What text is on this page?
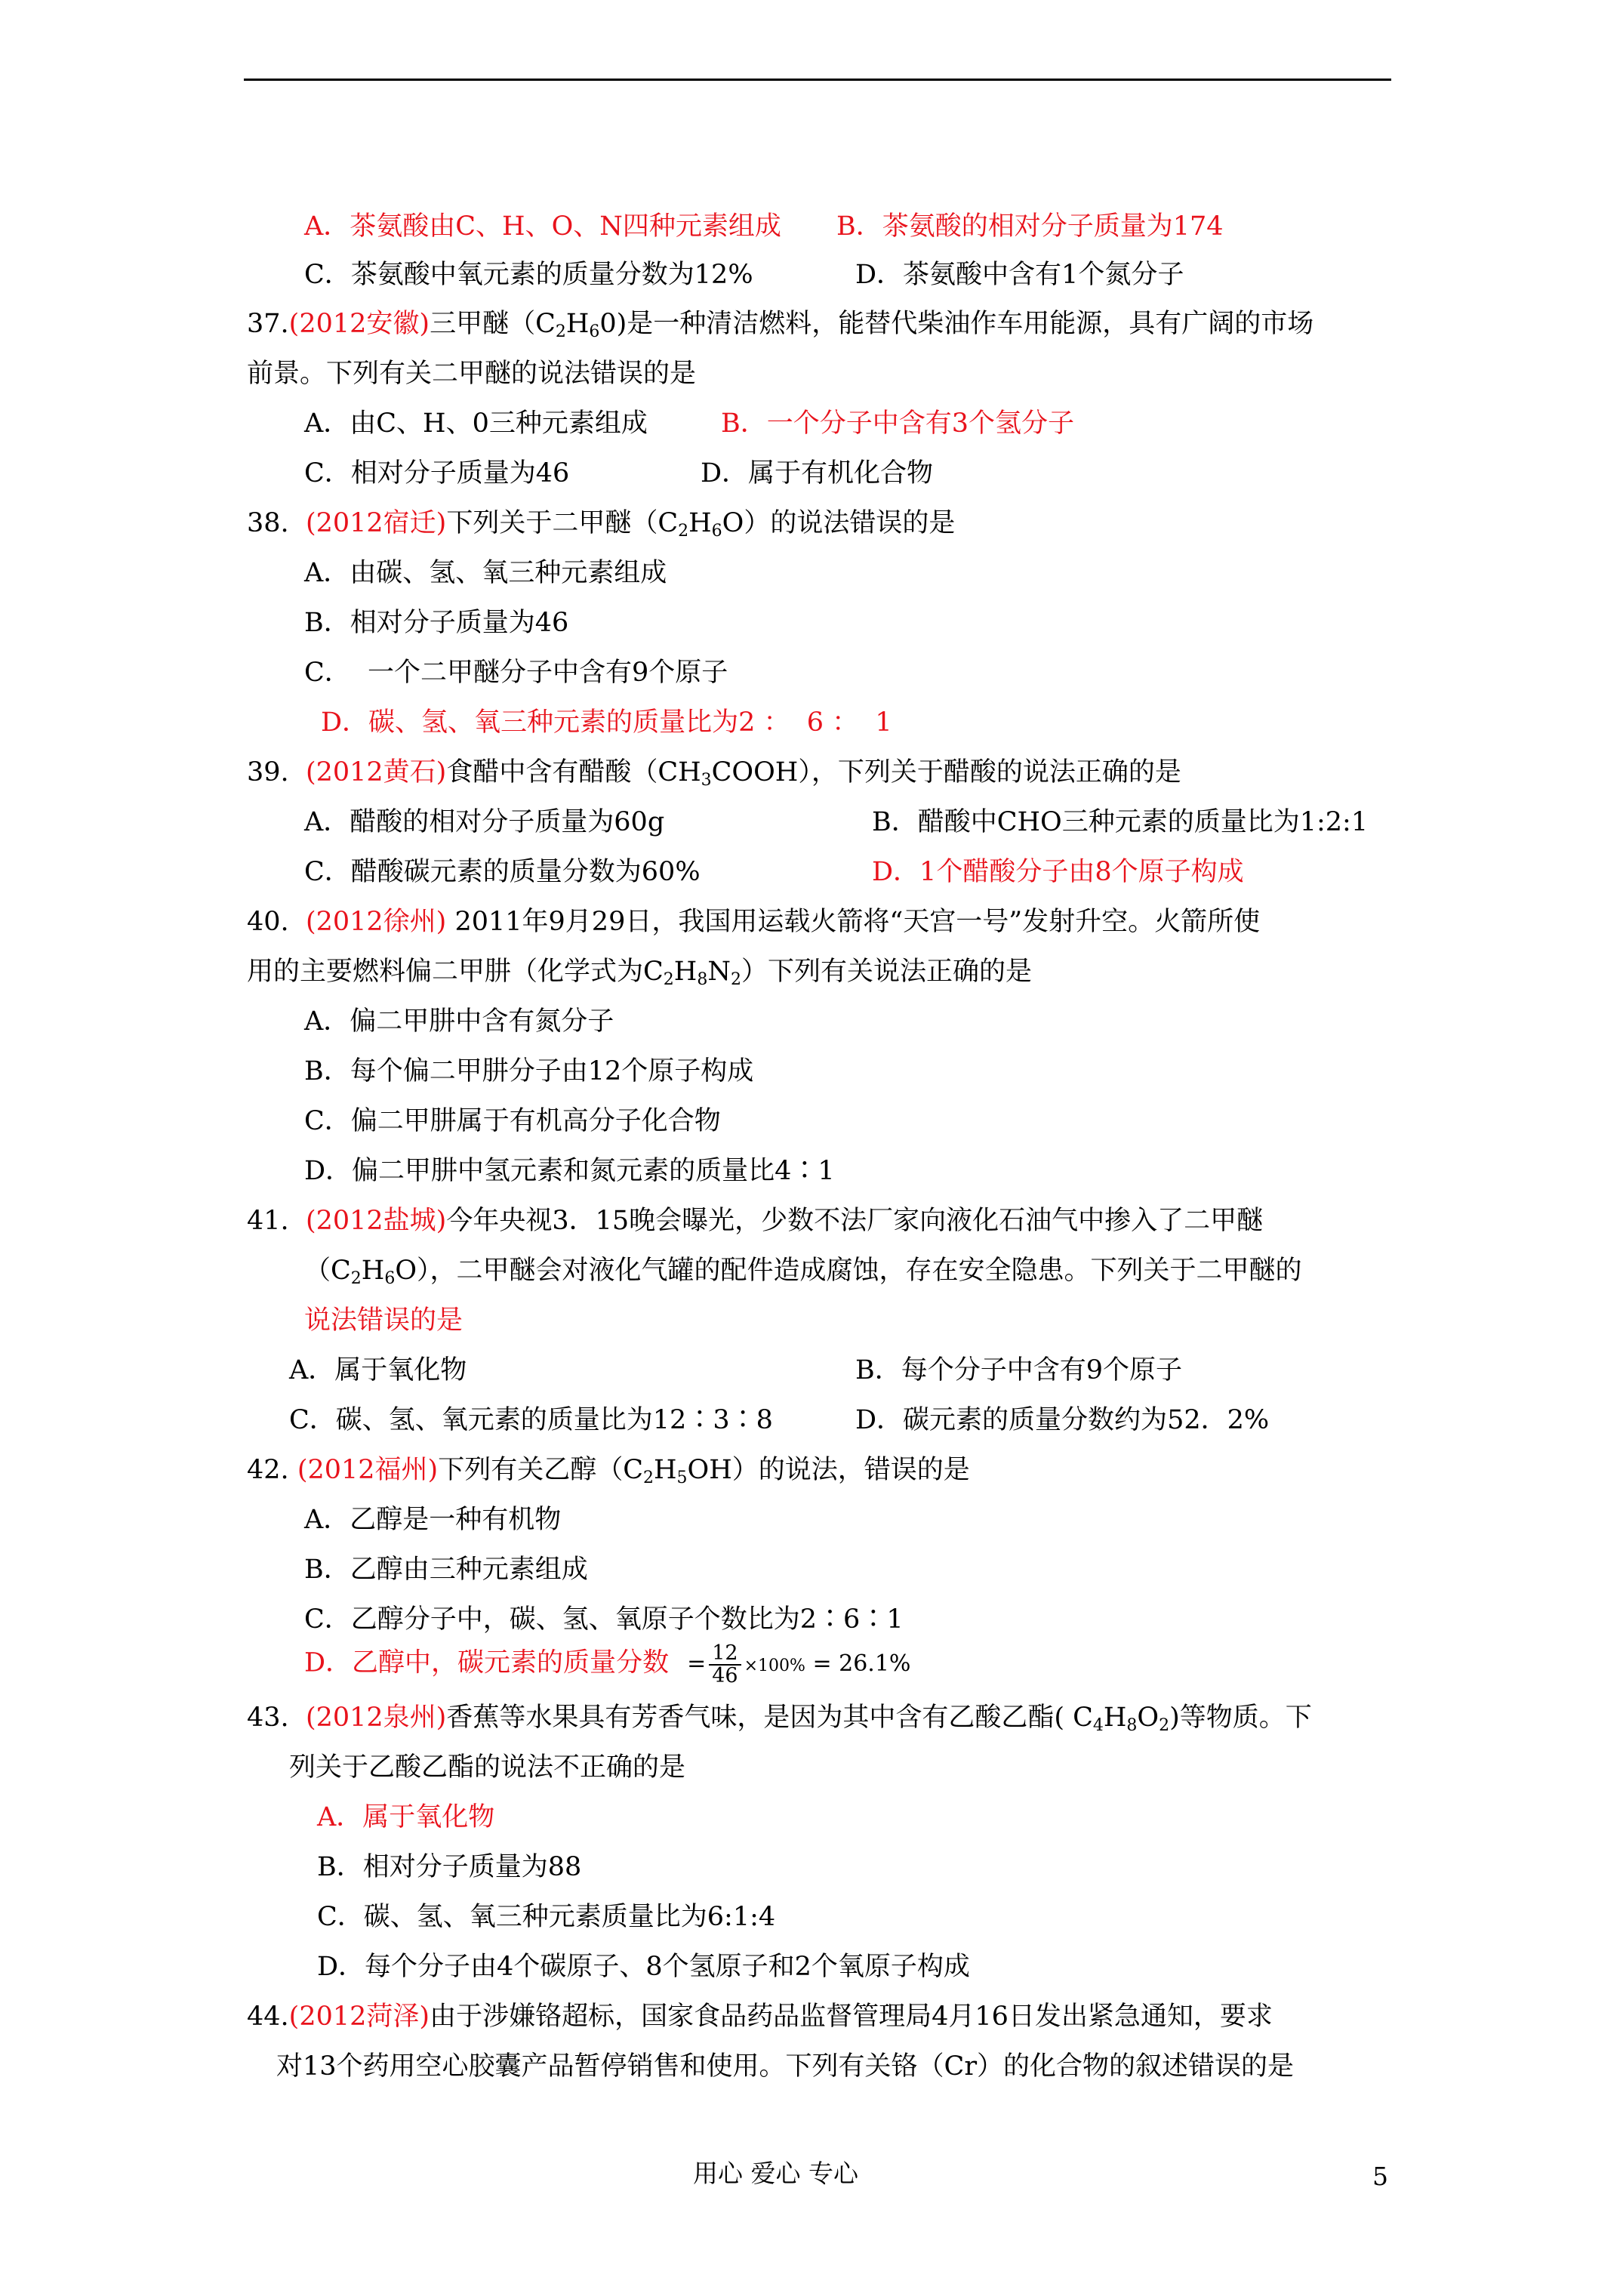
A．茶氨酸由C、H、O、N四种元素组成 B．茶氨酸的相对分子质量为174
C．茶氨酸中氧元素的质量分数为12%	D．茶氨酸中含有1个氮分子
37.(2012安徽)三甲醚$(C_2H_60)$是一种清洁燃料，能替代柴油作车用能源，具有广阔的市场
前景。下列有关二甲醚的说法错误的是
A．由C、H、0三种元素组成	B．一个分子中含有3个氢分子
C．相对分子质量为46	D．属于有机化合物
38. (2012宿迁)下列关于二甲醚$(C_2H_6O)$的说法错误的是
A．由碳、氢、氧三种元素组成
B．相对分子质量为46
C．  一个二甲醚分子中含有9个原子
D．碳、氢、氧三种元素的质量比为2 ：  6 ：  1
39. (2012黄石)食醋中含有醋酸$(CH_3COOH)$，下列关于醋酸的说法正确的是
A．醋酸的相对分子质量为60g	B．醋酸中CHO三种元素的质量比为1:2:1
C．醋酸碳元素的质量分数为60%	D．1个醋酸分子由8个原子构成
40. (2012徐州) 2011年9月29日，我国用运载火箭将“天宫一号”发射升空。火箭所使
用的主要燃料偏二甲肼（化学式为$C_2H_8N_2$）下列有关说法正确的是
A．偏二甲肼中含有氮分子
B．每个偏二甲肼分子由12个原子构成
C．偏二甲肼属于有机高分子化合物
D．偏二甲肼中氢元素和氮元素的质量比4∶1
41. (2012盐城)今年央视3．15晚会曝光，少数不法厂家向液化石油气中掺入了二甲醚
$(C_2H_6O)$，二甲醚会对液化气罐的配件造成腐蚀，存在安全隐患。下列关于二甲醚的
说法错误的是
A．属于氧化物	B．每个分子中含有9个原子
C．碳、氢、氧元素的质量比为12∶3∶8	D．碳元素的质量分数约为52．2%
42. (2012福州)下列有关乙醇$(C_2H_5OH)$的说法，错误的是
A．乙醇是一种有机物
B．乙醇由三种元素组成
C．乙醇分子中，碳、氢、氧原子个数比为2∶6∶1
D．乙醇中，碳元素的质量分数 = $\frac{12}{46} \times 100\% = 26.1\%$
43. (2012泉州)香蕉等水果具有芳香气味，是因为其中含有乙酸乙酯( $C_4H_8O_2$)等物质。下
列关于乙酸乙酯的说法不正确的是
A．属于氧化物
B．相对分子质量为88
C．碳、氢、氧三种元素质量比为6:1:4
D．每个分子由4个碳原子、8个氢原子和2个氧原子构成
44.(2012菏泽)由于涉嫌铬超标，国家食品药品监督管理局4月16日发出紧急通知，要求
对13个药用空心胶囊产品暂停销售和使用。下列有关铬（Cr）的化合物的叙述错误的是
用心 爱心 专心	5
